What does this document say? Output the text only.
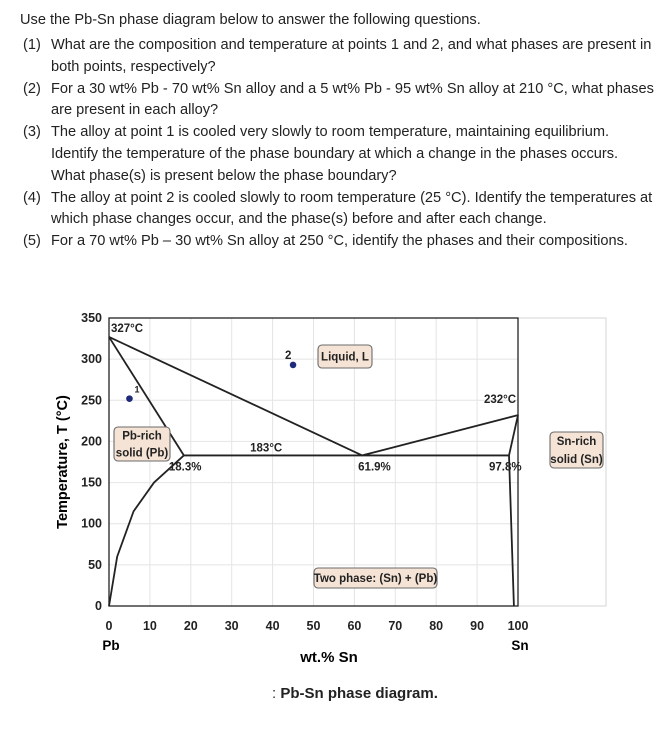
Use the Pb-Sn phase diagram below to answer the following questions.

(1) What are the composition and temperature at points 1 and 2, and what phases are present in both points, respectively?
(2) For a 30 wt% Pb - 70 wt% Sn alloy and a 5 wt% Pb - 95 wt% Sn alloy at 210 °C, what phases are present in each alloy?
(3) The alloy at point 1 is cooled very slowly to room temperature, maintaining equilibrium. Identify the temperature of the phase boundary at which a change in the phases occurs. What phase(s) is present below the phase boundary?
(4) The alloy at point 2 is cooled slowly to room temperature (25 °C). Identify the temperatures at which phase changes occur, and the phase(s) before and after each change.
(5) For a 70 wt% Pb – 30 wt% Sn alloy at 250 °C, identify the phases and their compositions.
0
50
100
150
200
250
300
350
0 10 20 30 40 50 60 70 80 90 100
Pb	Sn
wt.% Sn
Temperature, T (°C)
327°C
183°C
232°C
18.3%	61.9%	97.8%
1
2	Liquid, L
Pb-rich
solid (Pb)
Sn-rich
solid (Sn)
Two phase: (Sn) + (Pb)

: Pb-Sn phase diagram.
